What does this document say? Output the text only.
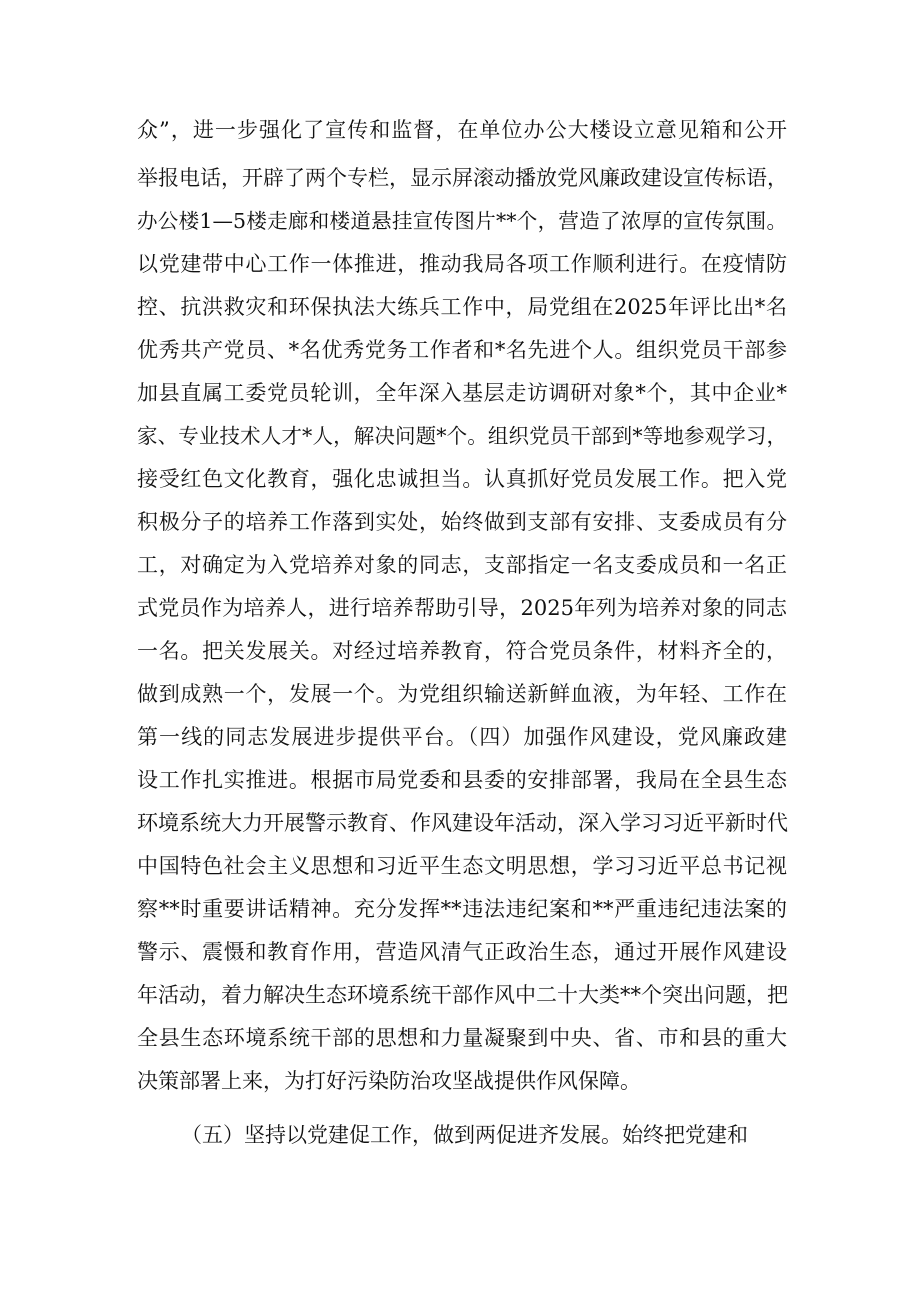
众”，进一步强化了宣传和监督，在单位办公大楼设立意见箱和公开
举报电话，开辟了两个专栏，显示屏滚动播放党风廉政建设宣传标语，
办公楼1—5楼走廊和楼道悬挂宣传图片**个，营造了浓厚的宣传氛围。
以党建带中心工作一体推进，推动我局各项工作顺利进行。在疫情防
控、抗洪救灾和环保执法大练兵工作中，局党组在2025年评比出*名
优秀共产党员、*名优秀党务工作者和*名先进个人。组织党员干部参
加县直属工委党员轮训，全年深入基层走访调研对象*个，其中企业*
家、专业技术人才*人，解决问题*个。组织党员干部到*等地参观学习，
接受红色文化教育，强化忠诚担当。认真抓好党员发展工作。把入党
积极分子的培养工作落到实处，始终做到支部有安排、支委成员有分
工，对确定为入党培养对象的同志，支部指定一名支委成员和一名正
式党员作为培养人，进行培养帮助引导，2025年列为培养对象的同志
一名。把关发展关。对经过培养教育，符合党员条件，材料齐全的，
做到成熟一个，发展一个。为党组织输送新鲜血液，为年轻、工作在
第一线的同志发展进步提供平台。（四）加强作风建设，党风廉政建
设工作扎实推进。根据市局党委和县委的安排部署，我局在全县生态
环境系统大力开展警示教育、作风建设年活动，深入学习习近平新时代
中国特色社会主义思想和习近平生态文明思想，学习习近平总书记视
察**时重要讲话精神。充分发挥**违法违纪案和**严重违纪违法案的
警示、震慑和教育作用，营造风清气正政治生态，通过开展作风建设
年活动，着力解决生态环境系统干部作风中二十大类**个突出问题，把
全县生态环境系统干部的思想和力量凝聚到中央、省、市和县的重大
决策部署上来，为打好污染防治攻坚战提供作风保障。
（五）坚持以党建促工作，做到两促进齐发展。始终把党建和
